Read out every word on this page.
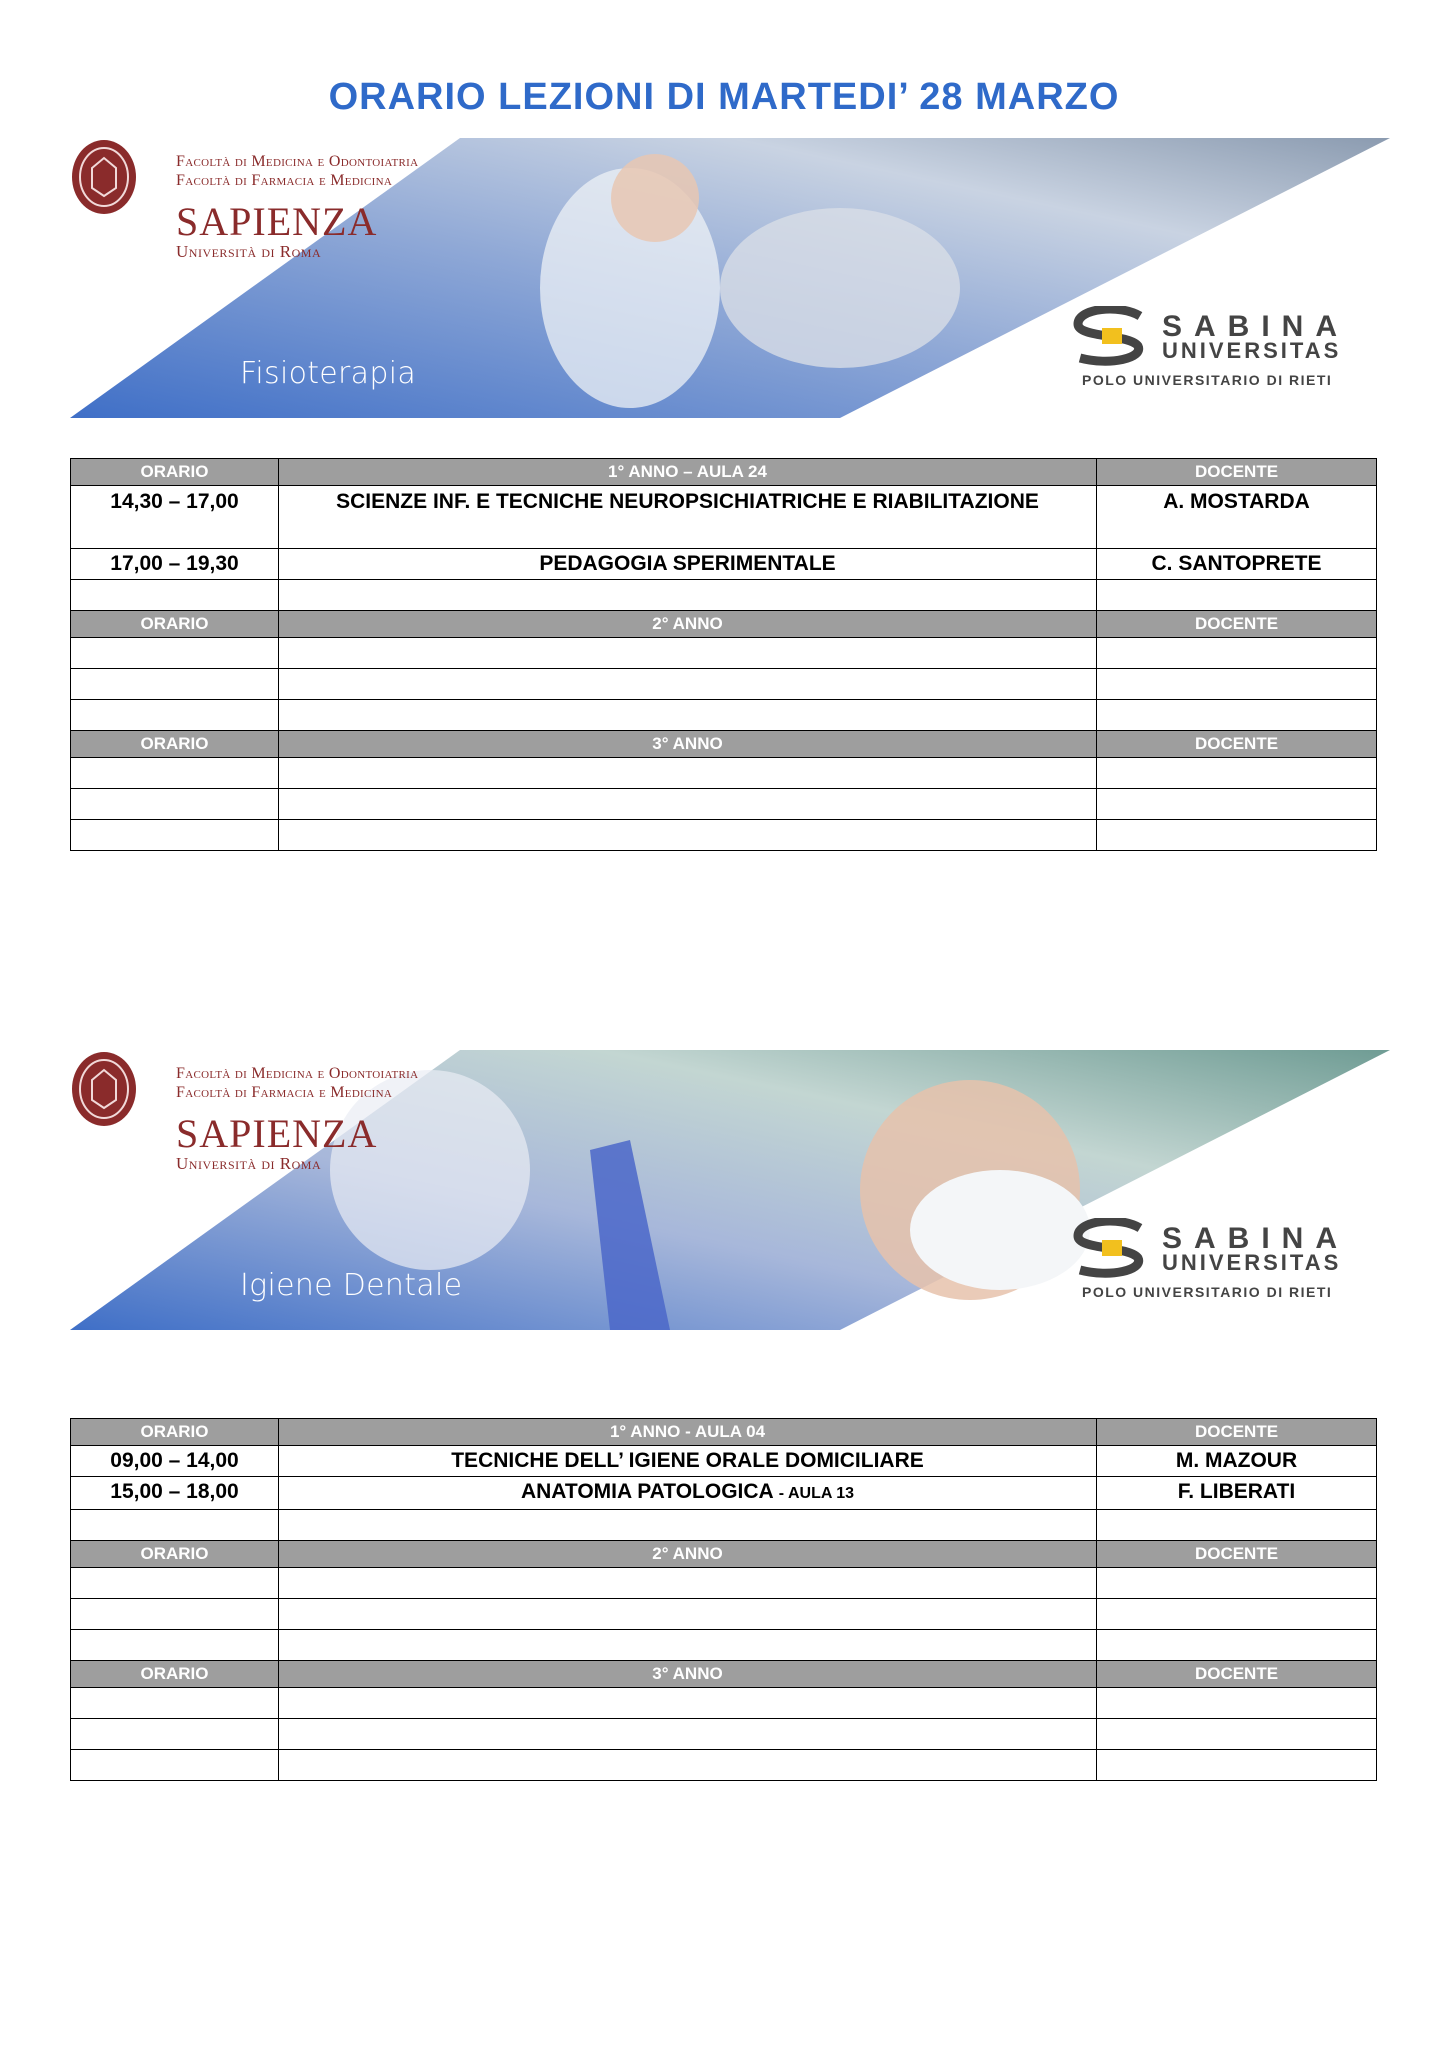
ORARIO LEZIONI DI MARTEDI’ 28 MARZO
Facoltà di Medicina e Odontoiatria
Facoltà di Farmacia e Medicina
SAPIENZA
Università di Roma
Fisioterapia
SABINA
UNIVERSITAS
POLO UNIVERSITARIO DI RIETI
ORARIO	1° ANNO – AULA 24	DOCENTE
14,30 – 17,00	SCIENZE INF. E TECNICHE NEUROPSICHIATRICHE E RIABILITAZIONE	A. MOSTARDA
17,00 – 19,30	PEDAGOGIA SPERIMENTALE	C. SANTOPRETE

ORARIO	2° ANNO	DOCENTE

ORARIO	3° ANNO	DOCENTE

Facoltà di Medicina e Odontoiatria
Facoltà di Farmacia e Medicina
SAPIENZA
Università di Roma
Igiene Dentale
SABINA
UNIVERSITAS
POLO UNIVERSITARIO DI RIETI
ORARIO	1° ANNO - AULA 04	DOCENTE
09,00 – 14,00	TECNICHE DELL’ IGIENE ORALE DOMICILIARE	M. MAZOUR
15,00 – 18,00	ANATOMIA PATOLOGICA - AULA 13	F. LIBERATI

ORARIO	2° ANNO	DOCENTE

ORARIO	3° ANNO	DOCENTE
